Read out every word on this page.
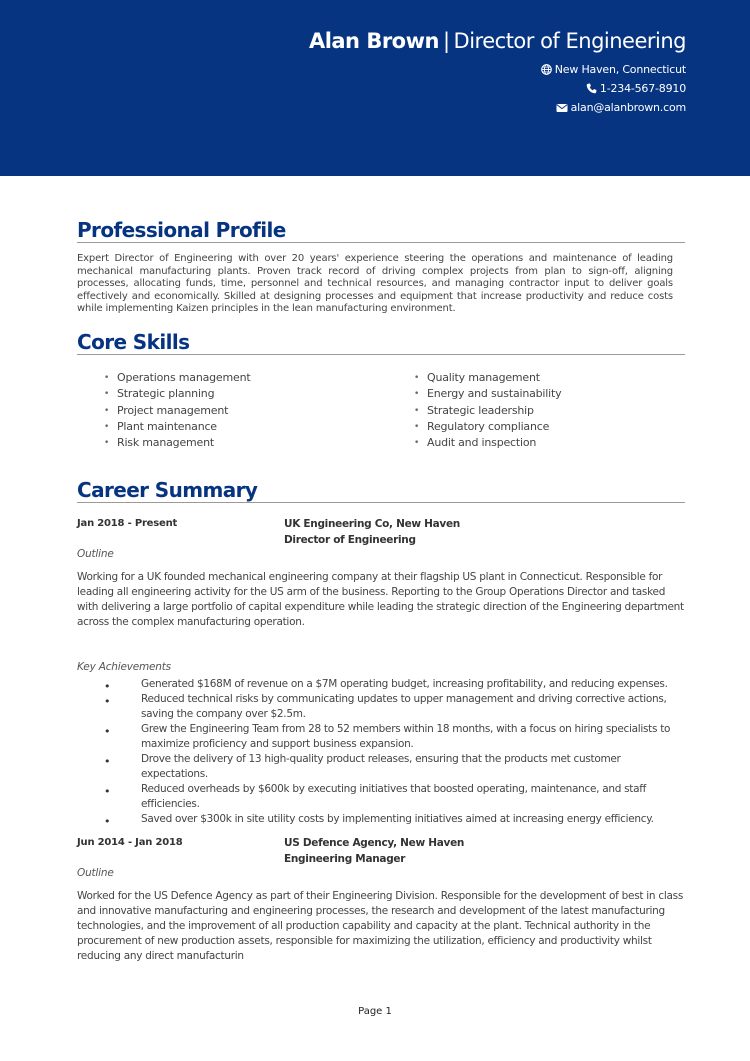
Alan Brown | Director of Engineering
New Haven, Connecticut
1-234-567-8910
alan@alanbrown.com
Professional Profile
Expert Director of Engineering with over 20 years' experience steering the operations and maintenance of leading mechanical manufacturing plants. Proven track record of driving complex projects from plan to sign-off, aligning processes, allocating funds, time, personnel and technical resources, and managing contractor input to deliver goals effectively and economically. Skilled at designing processes and equipment that increase productivity and reduce costs while implementing Kaizen principles in the lean manufacturing environment.
Core Skills
• Operations management
• Strategic planning
• Project management
• Plant maintenance
• Risk management
• Quality management
• Energy and sustainability
• Strategic leadership
• Regulatory compliance
• Audit and inspection
Career Summary
Jan 2018 - Present	UK Engineering Co, New Haven
Director of Engineering
Outline
Working for a UK founded mechanical engineering company at their flagship US plant in Connecticut. Responsible for leading all engineering activity for the US arm of the business. Reporting to the Group Operations Director and tasked with delivering a large portfolio of capital expenditure while leading the strategic direction of the Engineering department across the complex manufacturing operation.
Key Achievements
• Generated $168M of revenue on a $7M operating budget, increasing profitability, and reducing expenses.
• Reduced technical risks by communicating updates to upper management and driving corrective actions, saving the company over $2.5m.
• Grew the Engineering Team from 28 to 52 members within 18 months, with a focus on hiring specialists to maximize proficiency and support business expansion.
• Drove the delivery of 13 high-quality product releases, ensuring that the products met customer expectations.
• Reduced overheads by $600k by executing initiatives that boosted operating, maintenance, and staff efficiencies.
• Saved over $300k in site utility costs by implementing initiatives aimed at increasing energy efficiency.
Jun 2014 - Jan 2018	US Defence Agency, New Haven
Engineering Manager
Outline
Worked for the US Defence Agency as part of their Engineering Division. Responsible for the development of best in class and innovative manufacturing and engineering processes, the research and development of the latest manufacturing technologies, and the improvement of all production capability and capacity at the plant. Technical authority in the procurement of new production assets, responsible for maximizing the utilization, efficiency and productivity whilst reducing any direct manufacturin
Page 1
